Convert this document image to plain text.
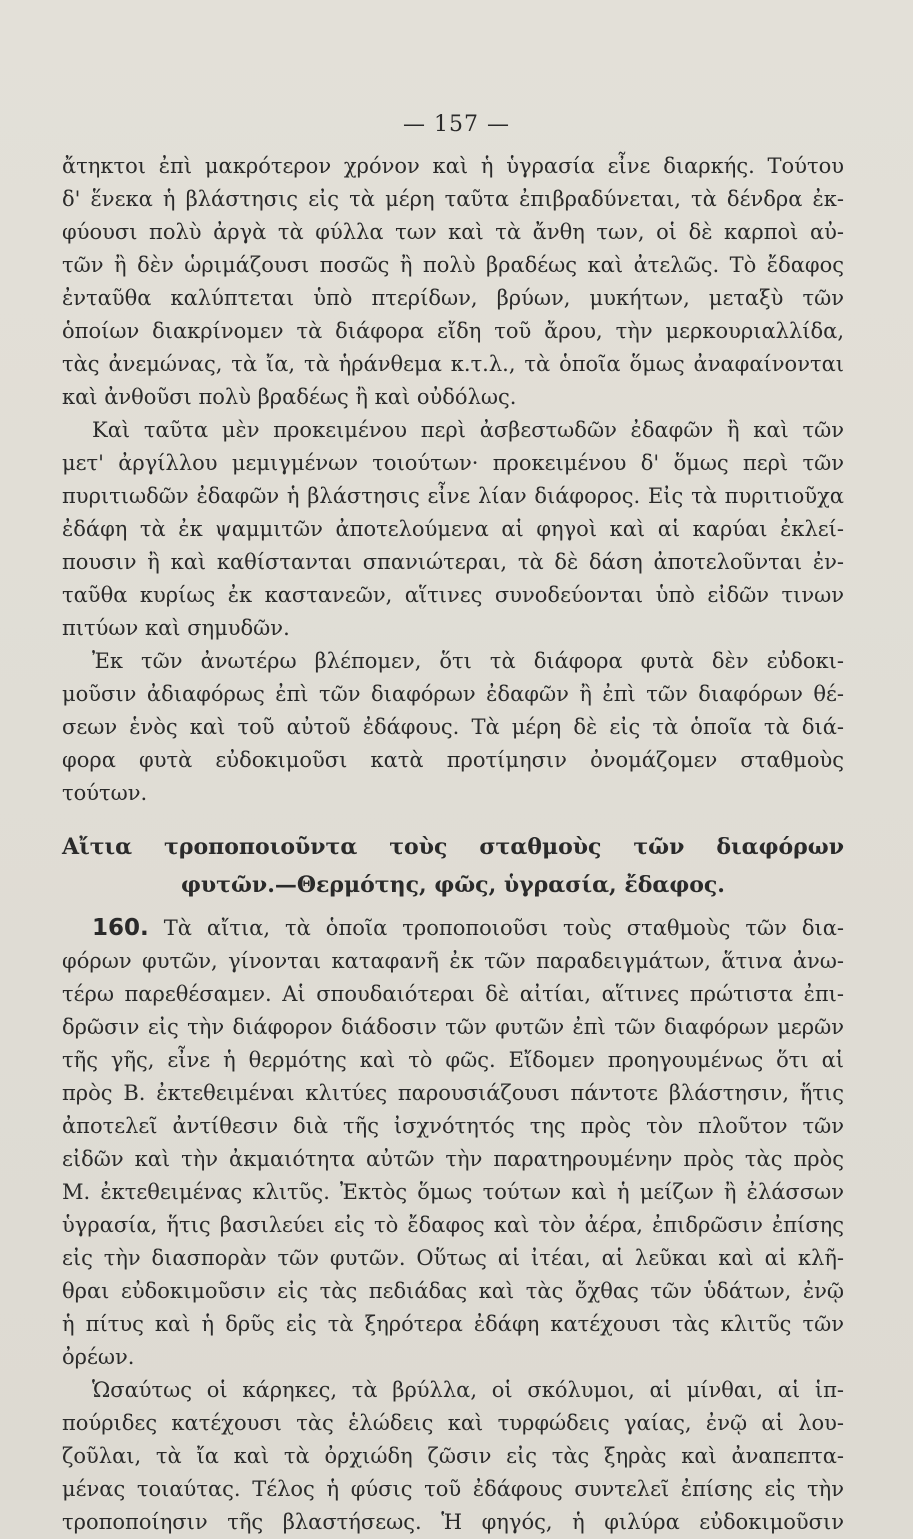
— 157 —
ἄτηκτοι ἐπὶ μακρότερον χρόνον καὶ ἡ ὑγρασία εἶνε διαρκής. Τούτου
δ' ἕνεκα ἡ βλάστησις εἰς τὰ μέρη ταῦτα ἐπιβραδύνεται, τὰ δένδρα ἐκ-
φύουσι πολὺ ἀργὰ τὰ φύλλα των καὶ τὰ ἄνθη των, οἱ δὲ καρποὶ αὐ-
τῶν ἢ δὲν ὡριμάζουσι ποσῶς ἢ πολὺ βραδέως καὶ ἀτελῶς. Τὸ ἔδαφος
ἐνταῦθα καλύπτεται ὑπὸ πτερίδων, βρύων, μυκήτων, μεταξὺ τῶν
ὁποίων διακρίνομεν τὰ διάφορα εἴδη τοῦ ἄρου, τὴν μερκουριαλλίδα,
τὰς ἀνεμώνας, τὰ ἴα, τὰ ἡράνθεμα κ.τ.λ., τὰ ὁποῖα ὅμως ἀναφαίνονται
καὶ ἀνθοῦσι πολὺ βραδέως ἢ καὶ οὐδόλως.
Καὶ ταῦτα μὲν προκειμένου περὶ ἀσβεστωδῶν ἐδαφῶν ἢ καὶ τῶν
μετ' ἀργίλλου μεμιγμένων τοιούτων· προκειμένου δ' ὅμως περὶ τῶν
πυριτιωδῶν ἐδαφῶν ἡ βλάστησις εἶνε λίαν διάφορος. Εἰς τὰ πυριτιοῦχα
ἐδάφη τὰ ἐκ ψαμμιτῶν ἀποτελούμενα αἱ φηγοὶ καὶ αἱ καρύαι ἐκλεί-
πουσιν ἢ καὶ καθίστανται σπανιώτεραι, τὰ δὲ δάση ἀποτελοῦνται ἐν-
ταῦθα κυρίως ἐκ καστανεῶν, αἵτινες συνοδεύονται ὑπὸ εἰδῶν τινων
πιτύων καὶ σημυδῶν.
Ἐκ τῶν ἀνωτέρω βλέπομεν, ὅτι τὰ διάφορα φυτὰ δὲν εὐδοκι-
μοῦσιν ἀδιαφόρως ἐπὶ τῶν διαφόρων ἐδαφῶν ἢ ἐπὶ τῶν διαφόρων θέ-
σεων ἑνὸς καὶ τοῦ αὐτοῦ ἐδάφους. Τὰ μέρη δὲ εἰς τὰ ὁποῖα τὰ διά-
φορα φυτὰ εὐδοκιμοῦσι κατὰ προτίμησιν ὀνομάζομεν σταθμοὺς
τούτων.
Αἴτια τροποποιοῦντα τοὺς σταθμοὺς τῶν διαφόρων
φυτῶν.—Θερμότης, φῶς, ὑγρασία, ἔδαφος.
160. Τὰ αἴτια, τὰ ὁποῖα τροποποιοῦσι τοὺς σταθμοὺς τῶν δια-
φόρων φυτῶν, γίνονται καταφανῆ ἐκ τῶν παραδειγμάτων, ἅτινα ἀνω-
τέρω παρεθέσαμεν. Αἱ σπουδαιότεραι δὲ αἰτίαι, αἵτινες πρώτιστα ἐπι-
δρῶσιν εἰς τὴν διάφορον διάδοσιν τῶν φυτῶν ἐπὶ τῶν διαφόρων μερῶν
τῆς γῆς, εἶνε ἡ θερμότης καὶ τὸ φῶς. Εἴδομεν προηγουμένως ὅτι αἱ
πρὸς Β. ἐκτεθειμέναι κλιτύες παρουσιάζουσι πάντοτε βλάστησιν, ἥτις
ἀποτελεῖ ἀντίθεσιν διὰ τῆς ἰσχνότητός της πρὸς τὸν πλοῦτον τῶν
εἰδῶν καὶ τὴν ἀκμαιότητα αὐτῶν τὴν παρατηρουμένην πρὸς τὰς πρὸς
Μ. ἐκτεθειμένας κλιτῦς. Ἐκτὸς ὅμως τούτων καὶ ἡ μείζων ἢ ἐλάσσων
ὑγρασία, ἥτις βασιλεύει εἰς τὸ ἔδαφος καὶ τὸν ἀέρα, ἐπιδρῶσιν ἐπίσης
εἰς τὴν διασπορὰν τῶν φυτῶν. Οὕτως αἱ ἰτέαι, αἱ λεῦκαι καὶ αἱ κλῆ-
θραι εὐδοκιμοῦσιν εἰς τὰς πεδιάδας καὶ τὰς ὄχθας τῶν ὑδάτων, ἐνῷ
ἡ πίτυς καὶ ἡ δρῦς εἰς τὰ ξηρότερα ἐδάφη κατέχουσι τὰς κλιτῦς τῶν
ὀρέων.
Ὡσαύτως οἱ κάρηκες, τὰ βρύλλα, οἱ σκόλυμοι, αἱ μίνθαι, αἱ ἱπ-
πούριδες κατέχουσι τὰς ἑλώδεις καὶ τυρφώδεις γαίας, ἐνῷ αἱ λου-
ζοῦλαι, τὰ ἴα καὶ τὰ ὀρχιώδη ζῶσιν εἰς τὰς ξηρὰς καὶ ἀναπεπτα-
μένας τοιαύτας. Τέλος ἡ φύσις τοῦ ἐδάφους συντελεῖ ἐπίσης εἰς τὴν
τροποποίησιν τῆς βλαστήσεως. Ἡ φηγός, ἡ φιλύρα εὐδοκιμοῦσιν
